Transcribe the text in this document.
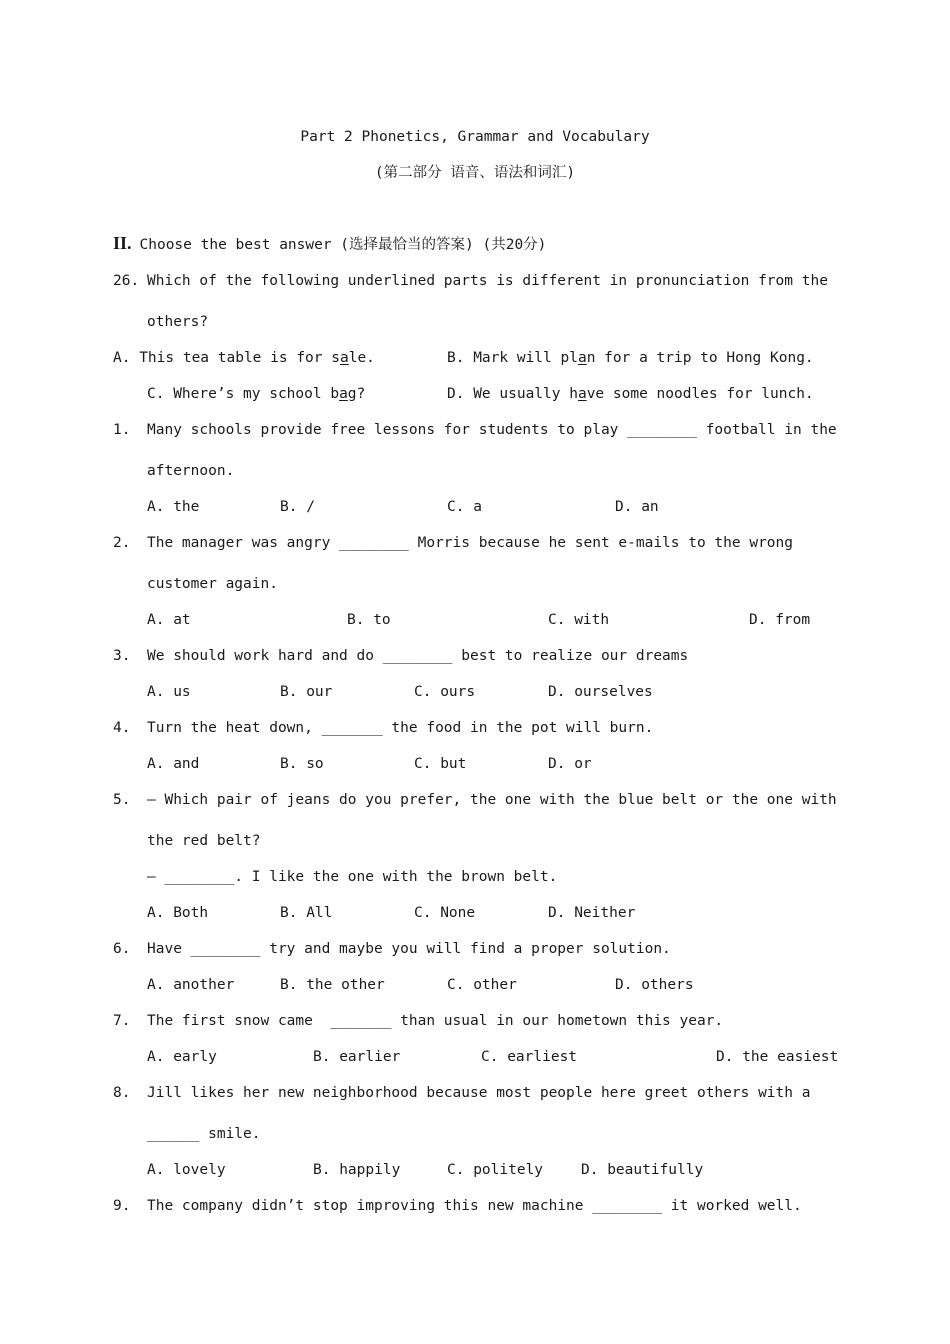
Part 2 Phonetics, Grammar and Vocabulary
(第二部分 语音、语法和词汇)
II. Choose the best answer (选择最恰当的答案) (共20分)
26. Which of the following underlined parts is different in pronunciation from the
others?
A. This tea table is for sale.	B. Mark will plan for a trip to Hong Kong.
C. Where’s my school bag?	D. We usually have some noodles for lunch.
1. Many schools provide free lessons for students to play ________ football in the
afternoon.
A. the	B. /	C. a	D. an
2. The manager was angry ________ Morris because he sent e-mails to the wrong
customer again.
A. at	B. to	C. with	D. from
3. We should work hard and do ________ best to realize our dreams
A. us	B. our	C. ours	D. ourselves
4. Turn the heat down, _______ the food in the pot will burn.
A. and	B. so	C. but	D. or
5. – Which pair of jeans do you prefer, the one with the blue belt or the one with
the red belt?
– ________. I like the one with the brown belt.
A. Both	B. All	C. None	D. Neither
6. Have ________ try and maybe you will find a proper solution.
A. another	B. the other	C. other	D. others
7. The first snow came  _______ than usual in our hometown this year.
A. early	B. earlier	C. earliest	D. the easiest
8. Jill likes her new neighborhood because most people here greet others with a
______ smile.
A. lovely	B. happily	C. politely	D. beautifully
9. The company didn’t stop improving this new machine ________ it worked well.
